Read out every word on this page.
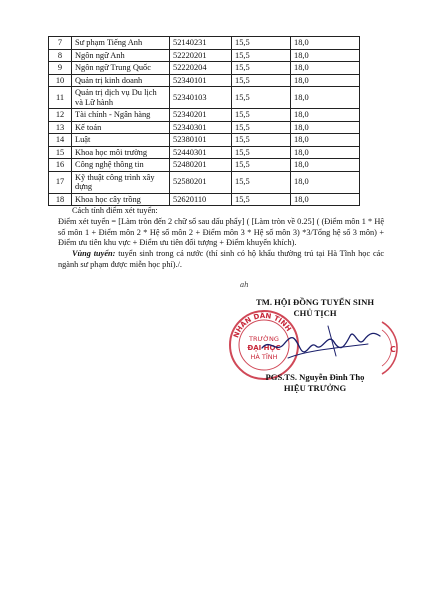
7	Sư phạm Tiếng Anh	52140231	15,5	18,0
8	Ngôn ngữ Anh	52220201	15,5	18,0
9	Ngôn ngữ Trung Quốc	52220204	15,5	18,0
10	Quản trị kinh doanh	52340101	15,5	18,0
11	Quản trị dịch vụ Du lịch và Lữ hành	52340103	15,5	18,0
12	Tài chính - Ngân hàng	52340201	15,5	18,0
13	Kế toán	52340301	15,5	18,0
14	Luật	52380101	15,5	18,0
15	Khoa học môi trường	52440301	15,5	18,0
16	Công nghệ thông tin	52480201	15,5	18,0
17	Kỹ thuật công trình xây dựng	52580201	15,5	18,0
18	Khoa học cây trồng	52620110	15,5	18,0

Cách tính điểm xét tuyển:

Điểm xét tuyển = [Làm tròn đến 2 chữ số sau dấu phẩy] ( [Làm tròn về 0.25] ( (Điểm môn 1 * Hệ số môn 1 + Điểm môn 2 * Hệ số môn 2 + Điểm môn 3 * Hệ số môn 3) *3/Tổng hệ số 3 môn) + Điểm ưu tiên khu vực + Điểm ưu tiên đối tượng + Điểm khuyến khích).

Vùng tuyển: tuyển sinh trong cả nước (thí sinh có hộ khẩu thường trú tại Hà Tĩnh học các ngành sư phạm được miễn học phí)./.

ah
NHÂN DÂN TỈNH
TRƯỜNG
ĐẠI HỌC
HÀ TĨNH
C
TM. HỘI ĐỒNG TUYỂN SINH
CHỦ TỊCH
PGS.TS. Nguyễn Đình Thọ
HIỆU TRƯỞNG
